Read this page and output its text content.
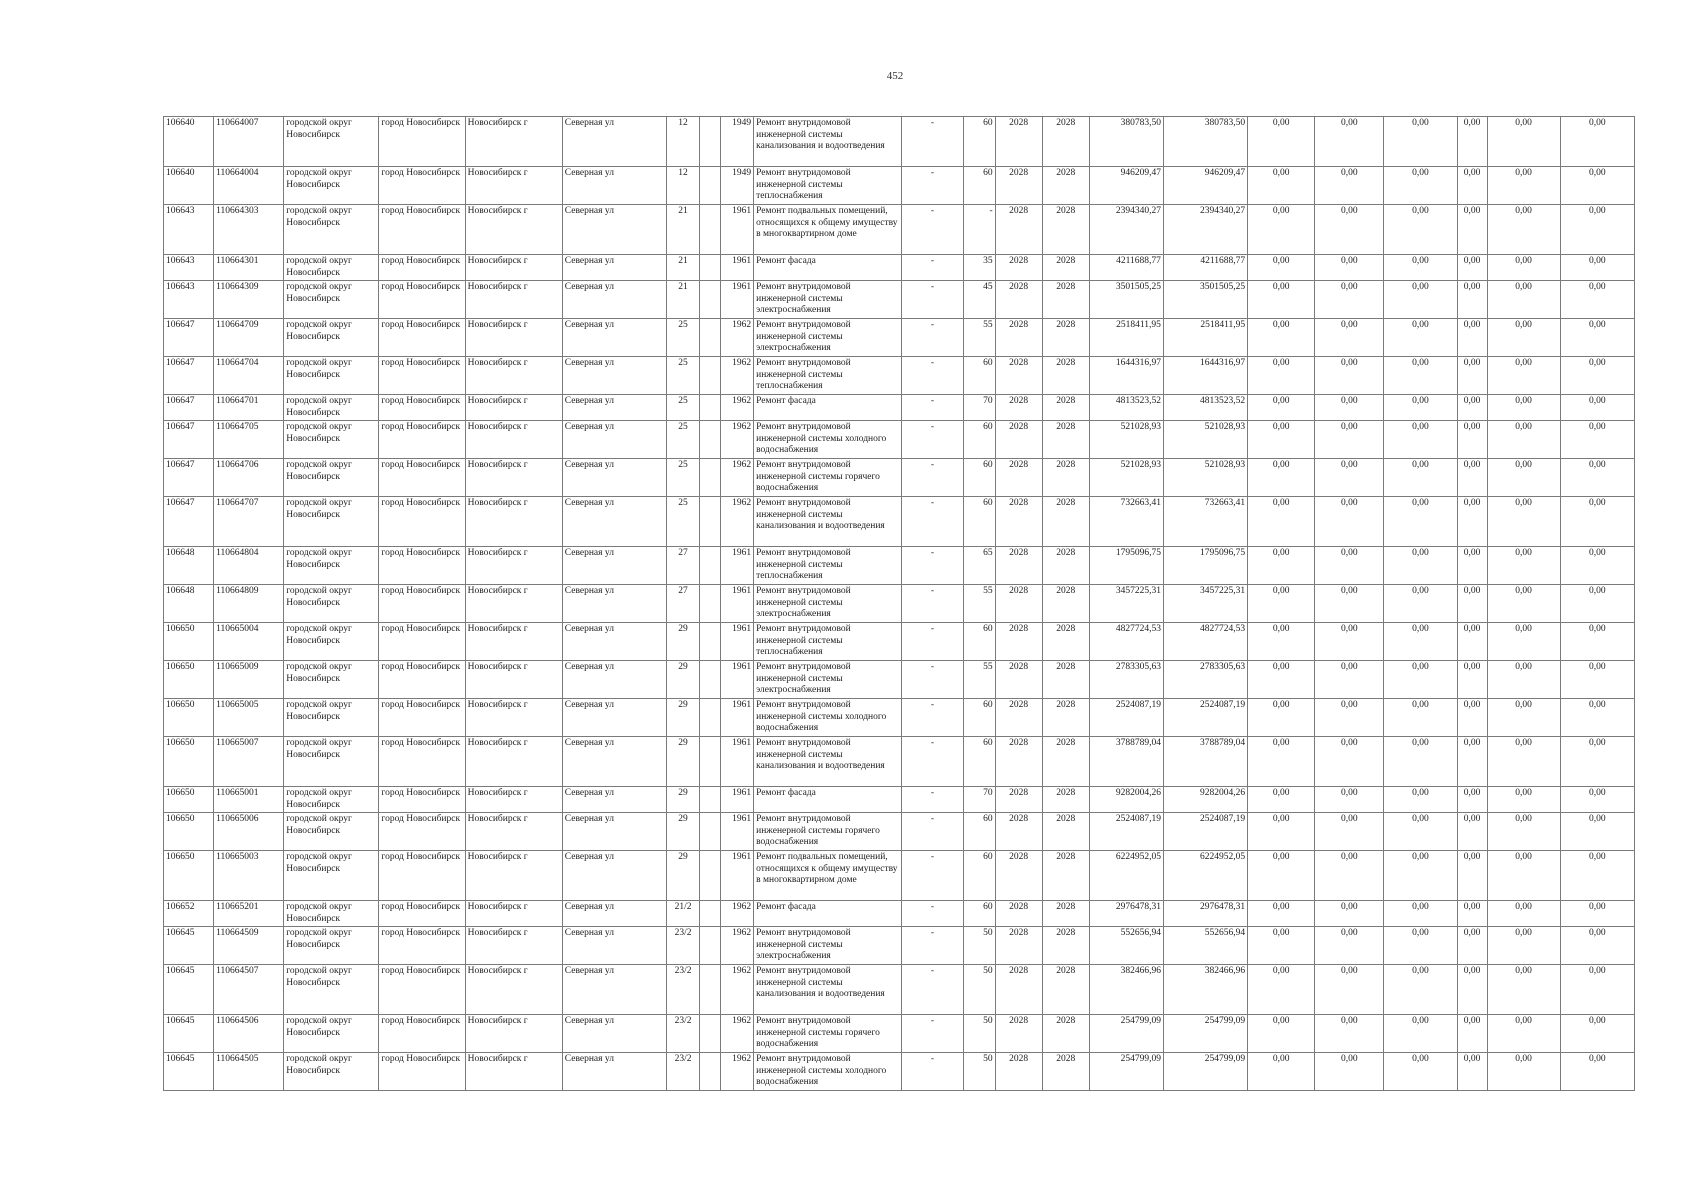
452
106640	110664007	городской округ Новосибирск	город Новосибирск	Новосибирск г	Северная ул	12		1949	Ремонт внутридомовой инженерной системы канализования и водоотведения	-	60	2028	2028	380783,50	380783,50	0,00	0,00	0,00	0,00	0,00	0,00
106640	110664004	городской округ Новосибирск	город Новосибирск	Новосибирск г	Северная ул	12		1949	Ремонт внутридомовой инженерной системы теплоснабжения	-	60	2028	2028	946209,47	946209,47	0,00	0,00	0,00	0,00	0,00	0,00
106643	110664303	городской округ Новосибирск	город Новосибирск	Новосибирск г	Северная ул	21		1961	Ремонт подвальных помещений, относящихся к общему имуществу в многоквартирном доме	-	-	2028	2028	2394340,27	2394340,27	0,00	0,00	0,00	0,00	0,00	0,00
106643	110664301	городской округ Новосибирск	город Новосибирск	Новосибирск г	Северная ул	21		1961	Ремонт фасада	-	35	2028	2028	4211688,77	4211688,77	0,00	0,00	0,00	0,00	0,00	0,00
106643	110664309	городской округ Новосибирск	город Новосибирск	Новосибирск г	Северная ул	21		1961	Ремонт внутридомовой инженерной системы электроснабжения	-	45	2028	2028	3501505,25	3501505,25	0,00	0,00	0,00	0,00	0,00	0,00
106647	110664709	городской округ Новосибирск	город Новосибирск	Новосибирск г	Северная ул	25		1962	Ремонт внутридомовой инженерной системы электроснабжения	-	55	2028	2028	2518411,95	2518411,95	0,00	0,00	0,00	0,00	0,00	0,00
106647	110664704	городской округ Новосибирск	город Новосибирск	Новосибирск г	Северная ул	25		1962	Ремонт внутридомовой инженерной системы теплоснабжения	-	60	2028	2028	1644316,97	1644316,97	0,00	0,00	0,00	0,00	0,00	0,00
106647	110664701	городской округ Новосибирск	город Новосибирск	Новосибирск г	Северная ул	25		1962	Ремонт фасада	-	70	2028	2028	4813523,52	4813523,52	0,00	0,00	0,00	0,00	0,00	0,00
106647	110664705	городской округ Новосибирск	город Новосибирск	Новосибирск г	Северная ул	25		1962	Ремонт внутридомовой инженерной системы холодного водоснабжения	-	60	2028	2028	521028,93	521028,93	0,00	0,00	0,00	0,00	0,00	0,00
106647	110664706	городской округ Новосибирск	город Новосибирск	Новосибирск г	Северная ул	25		1962	Ремонт внутридомовой инженерной системы горячего водоснабжения	-	60	2028	2028	521028,93	521028,93	0,00	0,00	0,00	0,00	0,00	0,00
106647	110664707	городской округ Новосибирск	город Новосибирск	Новосибирск г	Северная ул	25		1962	Ремонт внутридомовой инженерной системы канализования и водоотведения	-	60	2028	2028	732663,41	732663,41	0,00	0,00	0,00	0,00	0,00	0,00
106648	110664804	городской округ Новосибирск	город Новосибирск	Новосибирск г	Северная ул	27		1961	Ремонт внутридомовой инженерной системы теплоснабжения	-	65	2028	2028	1795096,75	1795096,75	0,00	0,00	0,00	0,00	0,00	0,00
106648	110664809	городской округ Новосибирск	город Новосибирск	Новосибирск г	Северная ул	27		1961	Ремонт внутридомовой инженерной системы электроснабжения	-	55	2028	2028	3457225,31	3457225,31	0,00	0,00	0,00	0,00	0,00	0,00
106650	110665004	городской округ Новосибирск	город Новосибирск	Новосибирск г	Северная ул	29		1961	Ремонт внутридомовой инженерной системы теплоснабжения	-	60	2028	2028	4827724,53	4827724,53	0,00	0,00	0,00	0,00	0,00	0,00
106650	110665009	городской округ Новосибирск	город Новосибирск	Новосибирск г	Северная ул	29		1961	Ремонт внутридомовой инженерной системы электроснабжения	-	55	2028	2028	2783305,63	2783305,63	0,00	0,00	0,00	0,00	0,00	0,00
106650	110665005	городской округ Новосибирск	город Новосибирск	Новосибирск г	Северная ул	29		1961	Ремонт внутридомовой инженерной системы холодного водоснабжения	-	60	2028	2028	2524087,19	2524087,19	0,00	0,00	0,00	0,00	0,00	0,00
106650	110665007	городской округ Новосибирск	город Новосибирск	Новосибирск г	Северная ул	29		1961	Ремонт внутридомовой инженерной системы канализования и водоотведения	-	60	2028	2028	3788789,04	3788789,04	0,00	0,00	0,00	0,00	0,00	0,00
106650	110665001	городской округ Новосибирск	город Новосибирск	Новосибирск г	Северная ул	29		1961	Ремонт фасада	-	70	2028	2028	9282004,26	9282004,26	0,00	0,00	0,00	0,00	0,00	0,00
106650	110665006	городской округ Новосибирск	город Новосибирск	Новосибирск г	Северная ул	29		1961	Ремонт внутридомовой инженерной системы горячего водоснабжения	-	60	2028	2028	2524087,19	2524087,19	0,00	0,00	0,00	0,00	0,00	0,00
106650	110665003	городской округ Новосибирск	город Новосибирск	Новосибирск г	Северная ул	29		1961	Ремонт подвальных помещений, относящихся к общему имуществу в многоквартирном доме	-	60	2028	2028	6224952,05	6224952,05	0,00	0,00	0,00	0,00	0,00	0,00
106652	110665201	городской округ Новосибирск	город Новосибирск	Новосибирск г	Северная ул	21/2		1962	Ремонт фасада	-	60	2028	2028	2976478,31	2976478,31	0,00	0,00	0,00	0,00	0,00	0,00
106645	110664509	городской округ Новосибирск	город Новосибирск	Новосибирск г	Северная ул	23/2		1962	Ремонт внутридомовой инженерной системы электроснабжения	-	50	2028	2028	552656,94	552656,94	0,00	0,00	0,00	0,00	0,00	0,00
106645	110664507	городской округ Новосибирск	город Новосибирск	Новосибирск г	Северная ул	23/2		1962	Ремонт внутридомовой инженерной системы канализования и водоотведения	-	50	2028	2028	382466,96	382466,96	0,00	0,00	0,00	0,00	0,00	0,00
106645	110664506	городской округ Новосибирск	город Новосибирск	Новосибирск г	Северная ул	23/2		1962	Ремонт внутридомовой инженерной системы горячего водоснабжения	-	50	2028	2028	254799,09	254799,09	0,00	0,00	0,00	0,00	0,00	0,00
106645	110664505	городской округ Новосибирск	город Новосибирск	Новосибирск г	Северная ул	23/2		1962	Ремонт внутридомовой инженерной системы холодного водоснабжения	-	50	2028	2028	254799,09	254799,09	0,00	0,00	0,00	0,00	0,00	0,00
